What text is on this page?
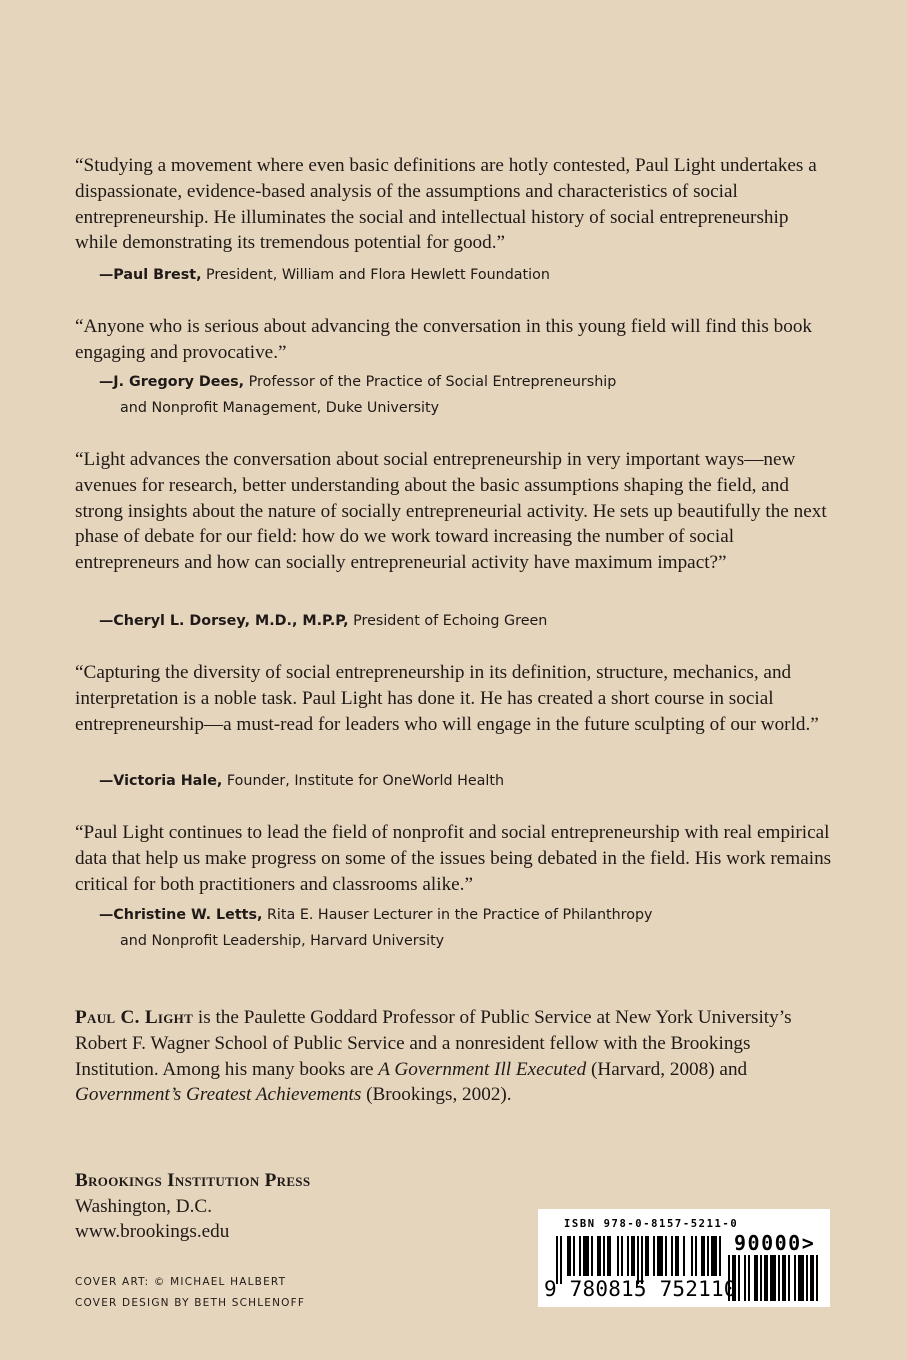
“Studying a movement where even basic definitions are hotly contested, Paul Light undertakes a dispassionate, evidence-based analysis of the assumptions and characteristics of social entrepreneurship. He illuminates the social and intellectual history of social entrepreneurship while demonstrating its tremendous potential for good.”

—Paul Brest, President, William and Flora Hewlett Foundation

“Anyone who is serious about advancing the conversation in this young field will find this book engaging and provocative.”

—J. Gregory Dees, Professor of the Practice of Social Entrepreneurship
and Nonprofit Management, Duke University

“Light advances the conversation about social entrepreneurship in very important ways—new avenues for research, better understanding about the basic assumptions shaping the field, and strong insights about the nature of socially entrepreneurial activity. He sets up beautifully the next phase of debate for our field: how do we work toward increasing the number of social entrepreneurs and how can socially entrepreneurial activity have maximum impact?”

—Cheryl L. Dorsey, M.D., M.P.P, President of Echoing Green

“Capturing the diversity of social entrepreneurship in its definition, structure, mechanics, and interpretation is a noble task. Paul Light has done it. He has created a short course in social entrepreneurship—a must-read for leaders who will engage in the future sculpting of our world.”

—Victoria Hale, Founder, Institute for OneWorld Health

“Paul Light continues to lead the field of nonprofit and social entrepreneurship with real empirical data that help us make progress on some of the issues being debated in the field. His work remains critical for both practitioners and classrooms alike.”

—Christine W. Letts, Rita E. Hauser Lecturer in the Practice of Philanthropy
and Nonprofit Leadership, Harvard University

Paul C. Light is the Paulette Goddard Professor of Public Service at New York University’s Robert F. Wagner School of Public Service and a nonresident fellow with the Brookings Institution. Among his many books are A Government Ill Executed (Harvard, 2008) and Government’s Greatest Achievements (Brookings, 2002).

Brookings Institution Press
Washington, D.C.
www.brookings.edu
COVER ART: © MICHAEL HALBERT
COVER DESIGN BY BETH SCHLENOFF
ISBN 978-0-8157-5211-0
9 780815 752110
90000>
